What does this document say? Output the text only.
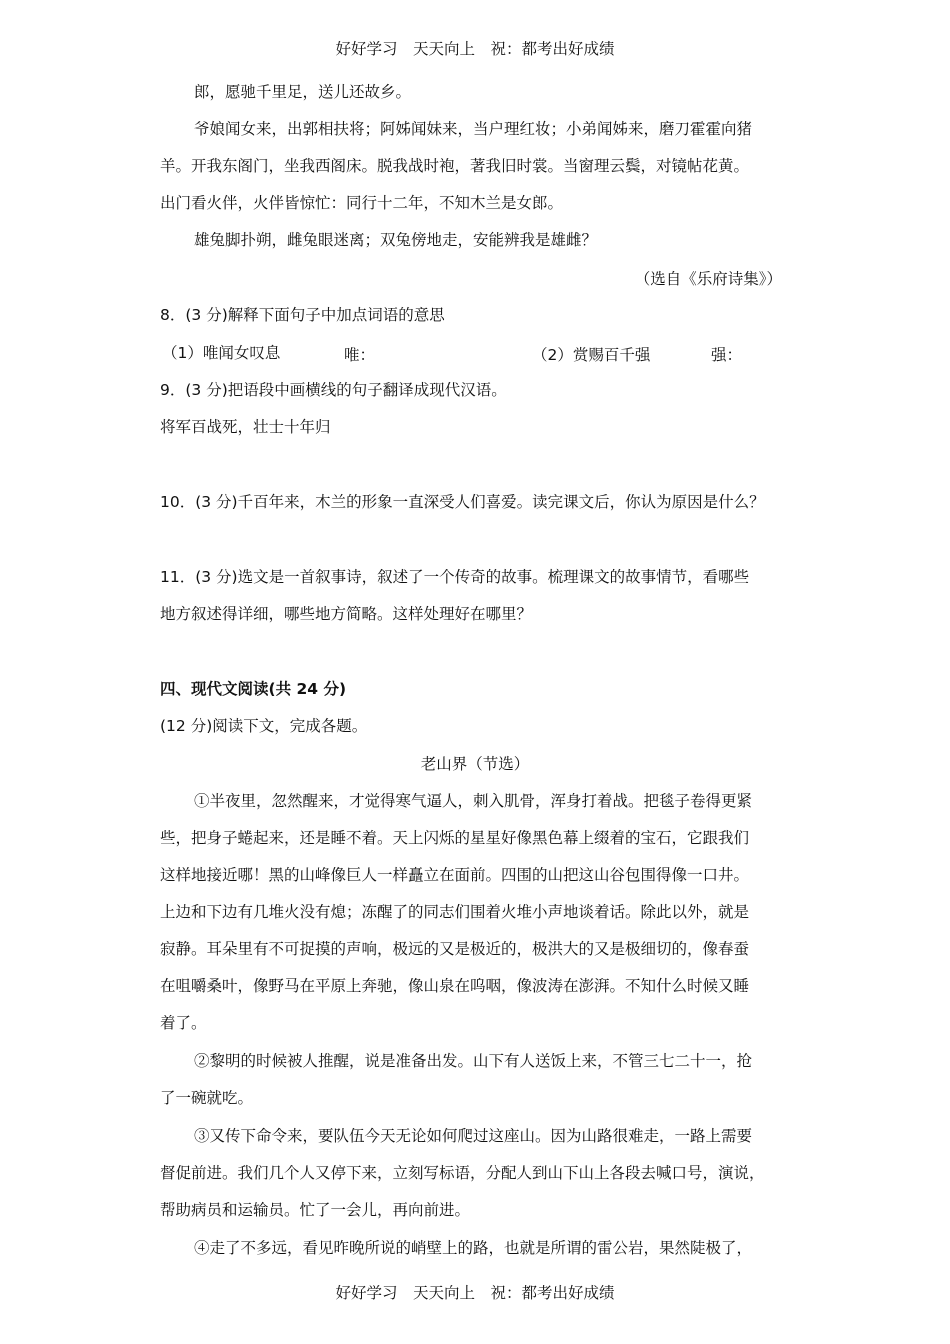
好好学习　天天向上　祝：都考出好成绩
郎，愿驰千里足，送儿还故乡。
爷娘闻女来，出郭相扶将；阿姊闻妹来，当户理红妆；小弟闻姊来，磨刀霍霍向猪
羊。开我东阁门，坐我西阁床。脱我战时袍，著我旧时裳。当窗理云鬓，对镜帖花黄。
出门看火伴，火伴皆惊忙：同行十二年，不知木兰是女郎。
雄兔脚扑朔，雌兔眼迷离；双兔傍地走，安能辨我是雄雌？
（选自《乐府诗集》）
8．(3 分)解释下面句子中加点词语的意思
（1）唯闻女叹息	唯：	（2）赏赐百千强	强：
9．(3 分)把语段中画横线的句子翻译成现代汉语。
将军百战死，壮士十年归
10．(3 分)千百年来，木兰的形象一直深受人们喜爱。读完课文后，你认为原因是什么？
11．(3 分)选文是一首叙事诗，叙述了一个传奇的故事。梳理课文的故事情节，看哪些
地方叙述得详细，哪些地方简略。这样处理好在哪里？
四、现代文阅读(共 24 分)
(12 分)阅读下文，完成各题。
老山界（节选）
①半夜里，忽然醒来，才觉得寒气逼人，刺入肌骨，浑身打着战。把毯子卷得更紧
些，把身子蜷起来，还是睡不着。天上闪烁的星星好像黑色幕上缀着的宝石，它跟我们
这样地接近哪！黑的山峰像巨人一样矗立在面前。四围的山把这山谷包围得像一口井。
上边和下边有几堆火没有熄；冻醒了的同志们围着火堆小声地谈着话。除此以外，就是
寂静。耳朵里有不可捉摸的声响，极远的又是极近的，极洪大的又是极细切的，像春蚕
在咀嚼桑叶，像野马在平原上奔驰，像山泉在呜咽，像波涛在澎湃。不知什么时候又睡
着了。
②黎明的时候被人推醒，说是准备出发。山下有人送饭上来，不管三七二十一，抢
了一碗就吃。
③又传下命令来，要队伍今天无论如何爬过这座山。因为山路很难走，一路上需要
督促前进。我们几个人又停下来，立刻写标语，分配人到山下山上各段去喊口号，演说，
帮助病员和运输员。忙了一会儿，再向前进。
④走了不多远，看见昨晚所说的峭壁上的路，也就是所谓的雷公岩，果然陡极了，
好好学习　天天向上　祝：都考出好成绩
